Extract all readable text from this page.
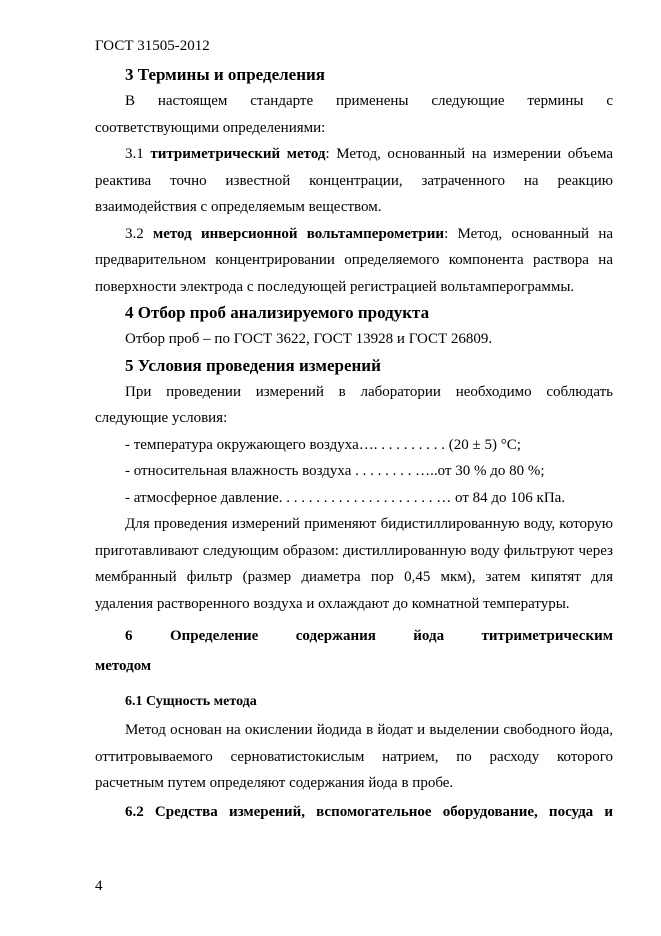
ГОСТ 31505-2012
3 Термины и определения

В настоящем стандарте применены следующие термины с соответствующими определениями:

3.1 титриметрический метод: Метод, основанный на измерении объема реактива точно известной концентрации, затраченного на реакцию взаимодействия с определяемым веществом.

3.2 метод инверсионной вольтамперометрии: Метод, основанный на предварительном концентрировании определяемого компонента раствора на поверхности электрода с последующей регистрацией вольтамперограммы.

4 Отбор проб анализируемого продукта

Отбор проб – по ГОСТ 3622, ГОСТ 13928 и ГОСТ 26809.

5 Условия проведения измерений

При проведении измерений в лаборатории необходимо соблюдать следующие условия:

- температура окружающего воздуха…. . . . . . . . . . (20 ± 5) °С;
- относительная влажность воздуха . . . . . . . . …..от 30 % до 80 %;
- атмосферное давление. . . . . . . . . . . . . . . . . . . . . … от 84 до 106 кПа.

Для проведения измерений применяют бидистиллированную воду, которую приготавливают следующим образом: дистиллированную воду фильтруют через мембранный фильтр (размер диаметра пор 0,45 мкм), затем кипятят для удаления растворенного воздуха и охлаждают до комнатной температуры.

6 Определение содержания йода титриметрическим
методом
6.1 Сущность метода

Метод основан на окислении йодида в йодат и выделении свободного йода, оттитровываемого серноватистокислым натрием, по расходу которого расчетным путем определяют содержания йода в пробе.

6.2 Средства измерений, вспомогательное оборудование, посуда и

4
